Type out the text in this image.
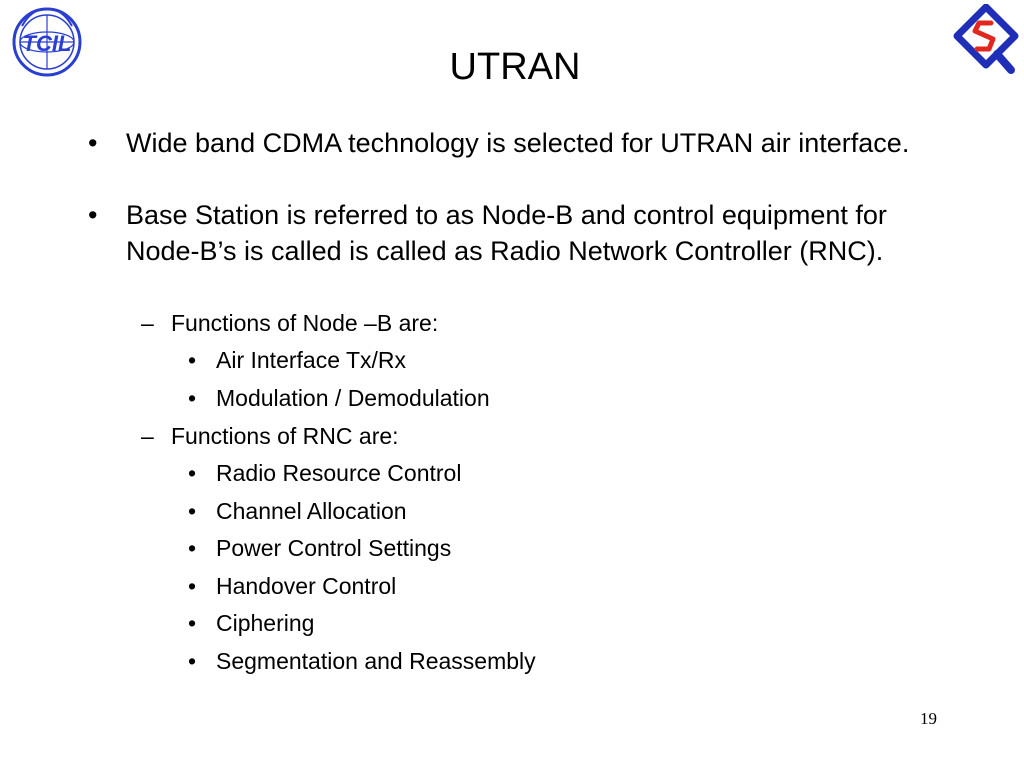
TCIL
UTRAN
• Wide band CDMA technology is selected for UTRAN air interface.
• Base Station is referred to as Node-B and control equipment for Node-B’s is called is called as Radio Network Controller (RNC).
– Functions of Node –B are:
• Air Interface Tx/Rx
• Modulation / Demodulation
– Functions of RNC are:
• Radio Resource Control
• Channel Allocation
• Power Control Settings
• Handover Control
• Ciphering
• Segmentation and Reassembly
19
